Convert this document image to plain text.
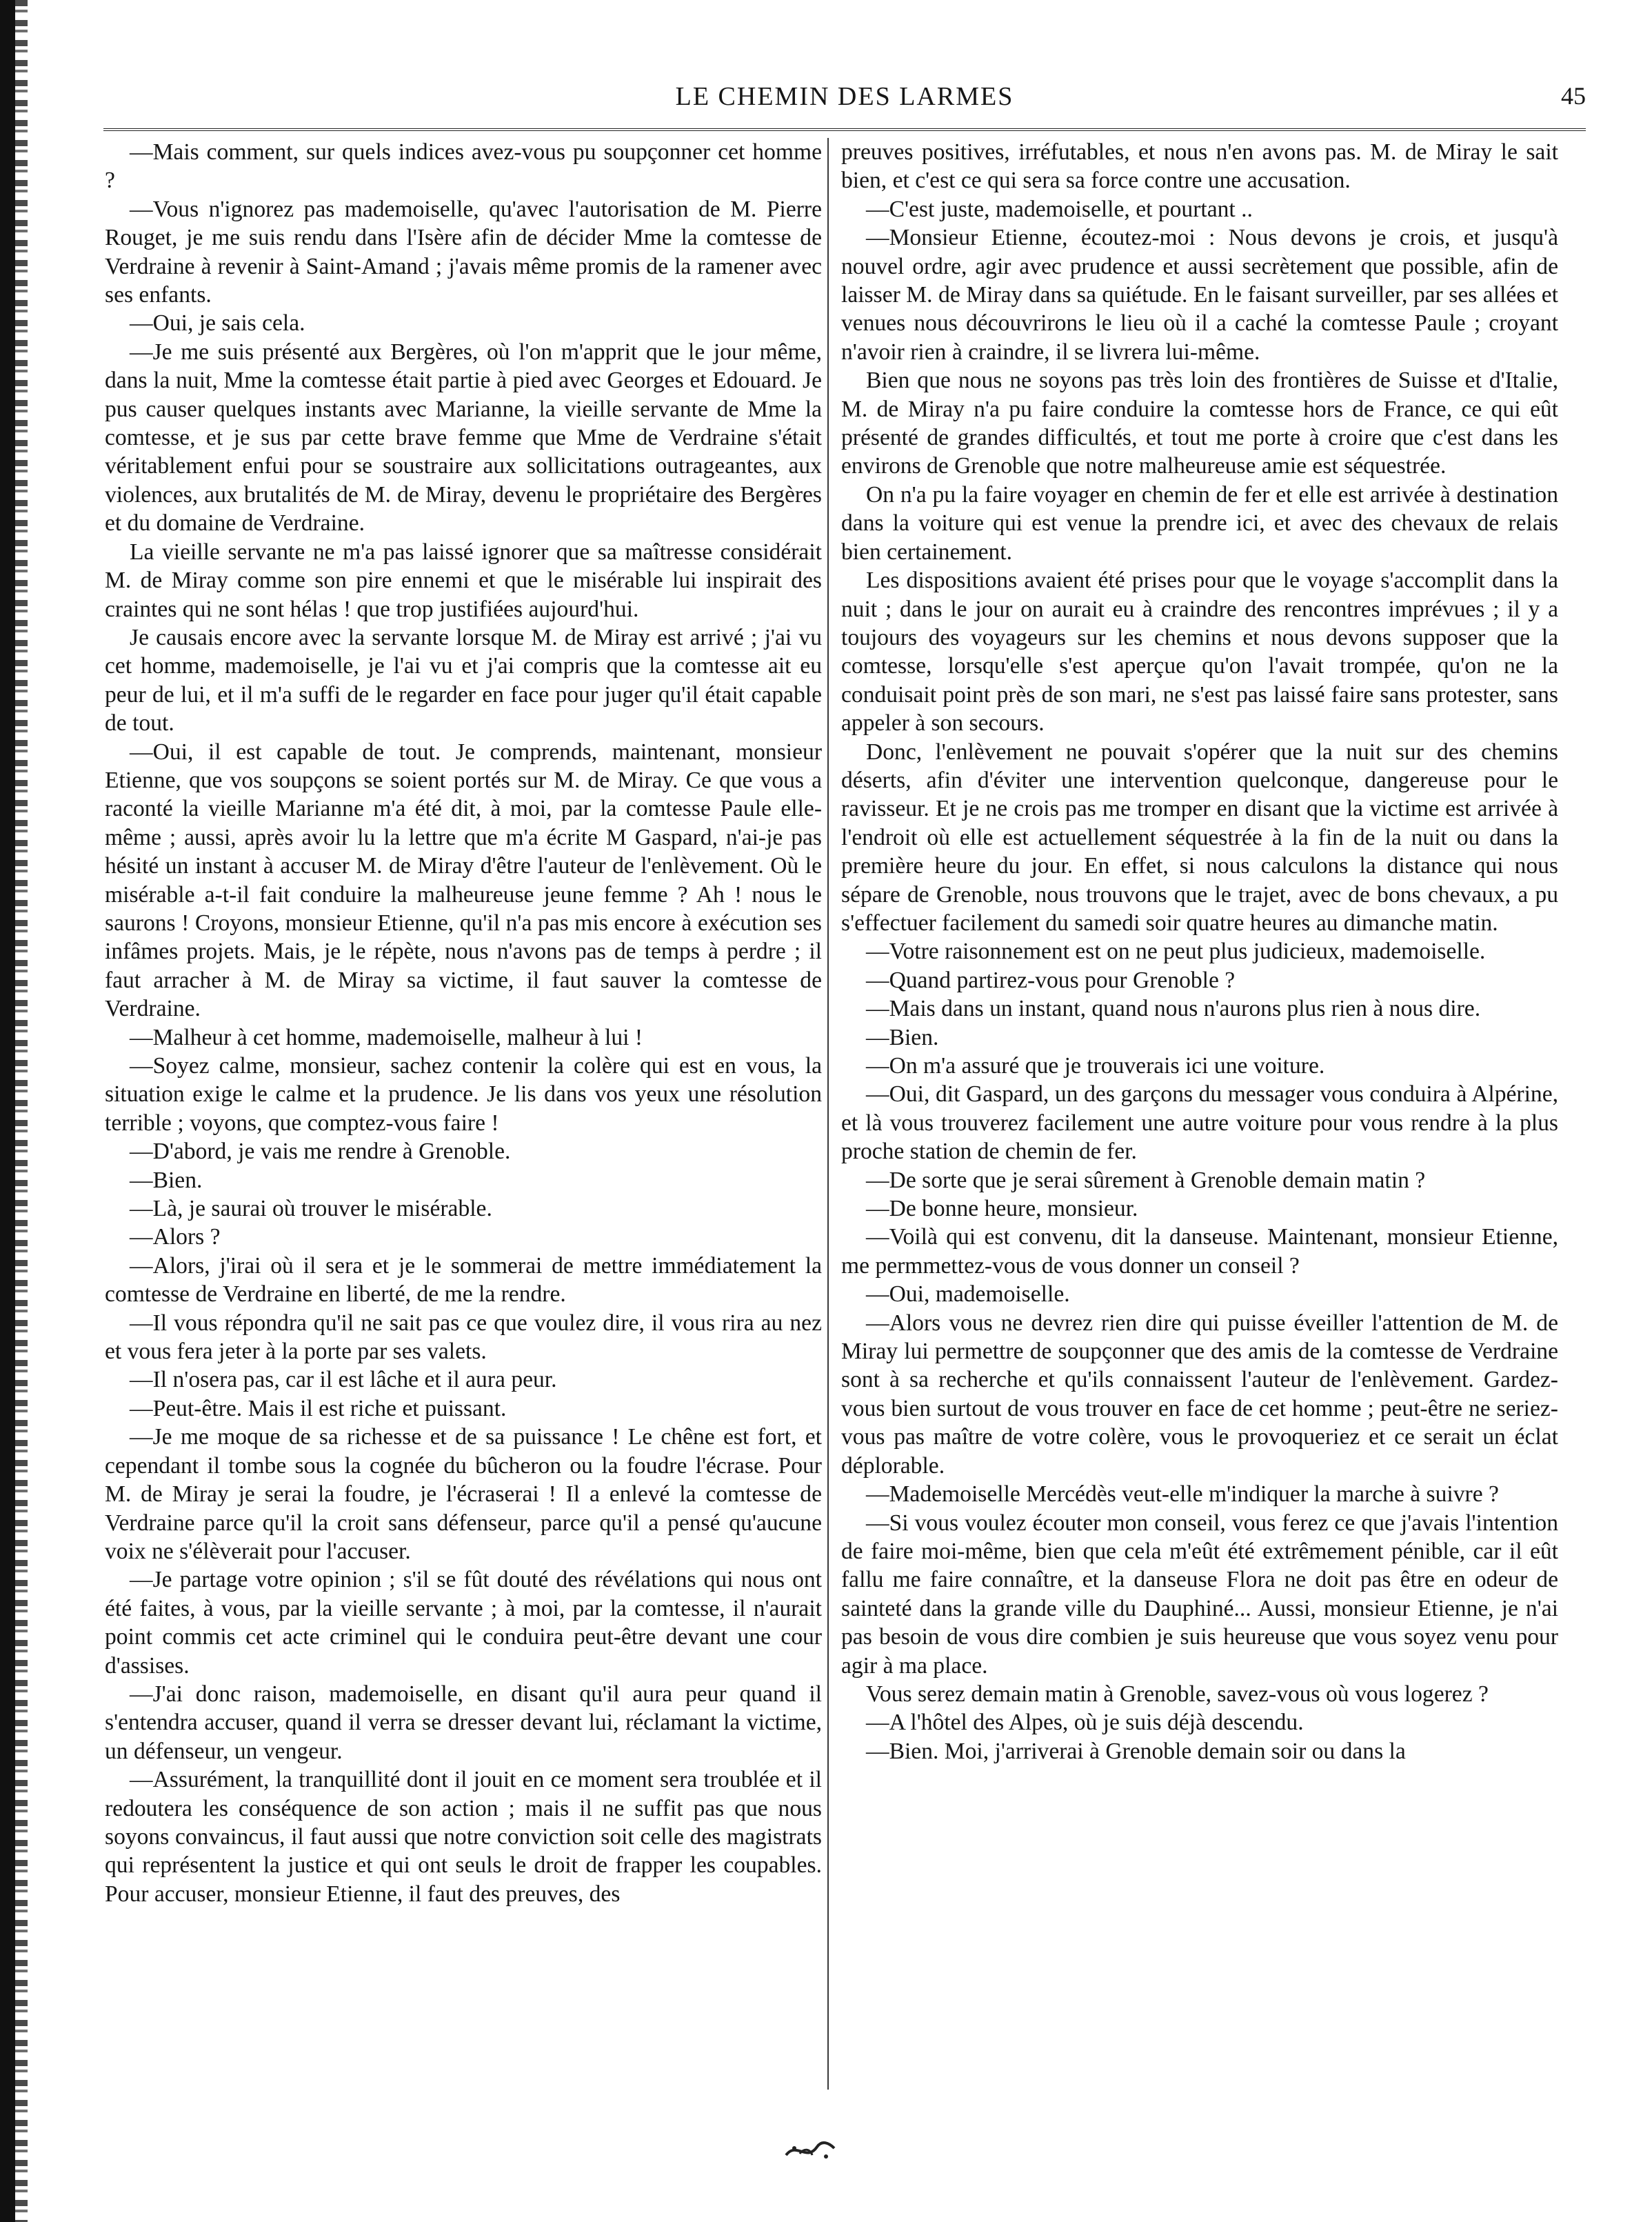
LE CHEMIN DES LARMES	45

—Mais comment, sur quels indices avez-vous pu soupçonner cet homme ?

—Vous n'ignorez pas mademoiselle, qu'avec l'autorisation de M. Pierre Rouget, je me suis rendu dans l'Isère afin de décider Mme la comtesse de Verdraine à revenir à Saint-Amand ; j'avais même promis de la ramener avec ses enfants.

—Oui, je sais cela.

—Je me suis présenté aux Bergères, où l'on m'apprit que le jour même, dans la nuit, Mme la comtesse était partie à pied avec Georges et Edouard. Je pus causer quelques instants avec Marianne, la vieille servante de Mme la comtesse, et je sus par cette brave femme que Mme de Verdraine s'était véritablement enfui pour se soustraire aux sollicitations outrageantes, aux violences, aux brutalités de M. de Miray, devenu le propriétaire des Bergères et du domaine de Verdraine.

La vieille servante ne m'a pas laissé ignorer que sa maîtresse considérait M. de Miray comme son pire ennemi et que le misérable lui inspirait des craintes qui ne sont hélas ! que trop justifiées aujourd'hui.

Je causais encore avec la servante lorsque M. de Miray est arrivé ; j'ai vu cet homme, mademoiselle, je l'ai vu et j'ai compris que la comtesse ait eu peur de lui, et il m'a suffi de le regarder en face pour juger qu'il était capable de tout.

—Oui, il est capable de tout. Je comprends, maintenant, monsieur Etienne, que vos soupçons se soient portés sur M. de Miray. Ce que vous a raconté la vieille Marianne m'a été dit, à moi, par la comtesse Paule elle-même ; aussi, après avoir lu la lettre que m'a écrite M Gaspard, n'ai-je pas hésité un instant à accuser M. de Miray d'être l'auteur de l'enlèvement. Où le misérable a-t-il fait conduire la malheureuse jeune femme ? Ah ! nous le saurons ! Croyons, monsieur Etienne, qu'il n'a pas mis encore à exécution ses infâmes projets. Mais, je le répète, nous n'avons pas de temps à perdre ; il faut arracher à M. de Miray sa victime, il faut sauver la comtesse de Verdraine.

—Malheur à cet homme, mademoiselle, malheur à lui !

—Soyez calme, monsieur, sachez contenir la colère qui est en vous, la situation exige le calme et la prudence. Je lis dans vos yeux une résolution terrible ; voyons, que comptez-vous faire !

—D'abord, je vais me rendre à Grenoble.

—Bien.

—Là, je saurai où trouver le misérable.

—Alors ?

—Alors, j'irai où il sera et je le sommerai de mettre immédiatement la comtesse de Verdraine en liberté, de me la rendre.

—Il vous répondra qu'il ne sait pas ce que voulez dire, il vous rira au nez et vous fera jeter à la porte par ses valets.

—Il n'osera pas, car il est lâche et il aura peur.

—Peut-être. Mais il est riche et puissant.

—Je me moque de sa richesse et de sa puissance ! Le chêne est fort, et cependant il tombe sous la cognée du bûcheron ou la foudre l'écrase. Pour M. de Miray je serai la foudre, je l'écraserai ! Il a enlevé la comtesse de Verdraine parce qu'il la croit sans défenseur, parce qu'il a pensé qu'aucune voix ne s'élèverait pour l'accuser.

—Je partage votre opinion ; s'il se fût douté des révélations qui nous ont été faites, à vous, par la vieille servante ; à moi, par la comtesse, il n'aurait point commis cet acte criminel qui le conduira peut-être devant une cour d'assises.

—J'ai donc raison, mademoiselle, en disant qu'il aura peur quand il s'entendra accuser, quand il verra se dresser devant lui, réclamant la victime, un défenseur, un vengeur.

—Assurément, la tranquillité dont il jouit en ce moment sera troublée et il redoutera les conséquence de son action ; mais il ne suffit pas que nous soyons convaincus, il faut aussi que notre conviction soit celle des magistrats qui représentent la justice et qui ont seuls le droit de frapper les coupables. Pour accuser, monsieur Etienne, il faut des preuves, des

preuves positives, irréfutables, et nous n'en avons pas. M. de Miray le sait bien, et c'est ce qui sera sa force contre une accusation.

—C'est juste, mademoiselle, et pourtant ..

—Monsieur Etienne, écoutez-moi : Nous devons je crois, et jusqu'à nouvel ordre, agir avec prudence et aussi secrètement que possible, afin de laisser M. de Miray dans sa quiétude. En le faisant surveiller, par ses allées et venues nous découvrirons le lieu où il a caché la comtesse Paule ; croyant n'avoir rien à craindre, il se livrera lui-même.

Bien que nous ne soyons pas très loin des frontières de Suisse et d'Italie, M. de Miray n'a pu faire conduire la comtesse hors de France, ce qui eût présenté de grandes difficultés, et tout me porte à croire que c'est dans les environs de Grenoble que notre malheureuse amie est séquestrée.

On n'a pu la faire voyager en chemin de fer et elle est arrivée à destination dans la voiture qui est venue la prendre ici, et avec des chevaux de relais bien certainement.

Les dispositions avaient été prises pour que le voyage s'accomplit dans la nuit ; dans le jour on aurait eu à craindre des rencontres imprévues ; il y a toujours des voyageurs sur les chemins et nous devons supposer que la comtesse, lorsqu'elle s'est aperçue qu'on l'avait trompée, qu'on ne la conduisait point près de son mari, ne s'est pas laissé faire sans protester, sans appeler à son secours.

Donc, l'enlèvement ne pouvait s'opérer que la nuit sur des chemins déserts, afin d'éviter une intervention quelconque, dangereuse pour le ravisseur. Et je ne crois pas me tromper en disant que la victime est arrivée à l'endroit où elle est actuellement séquestrée à la fin de la nuit ou dans la première heure du jour. En effet, si nous calculons la distance qui nous sépare de Grenoble, nous trouvons que le trajet, avec de bons chevaux, a pu s'effectuer facilement du samedi soir quatre heures au dimanche matin.

—Votre raisonnement est on ne peut plus judicieux, mademoiselle.

—Quand partirez-vous pour Grenoble ?

—Mais dans un instant, quand nous n'aurons plus rien à nous dire.

—Bien.

—On m'a assuré que je trouverais ici une voiture.

—Oui, dit Gaspard, un des garçons du messager vous conduira à Alpérine, et là vous trouverez facilement une autre voiture pour vous rendre à la plus proche station de chemin de fer.

—De sorte que je serai sûrement à Grenoble demain matin ?

—De bonne heure, monsieur.

—Voilà qui est convenu, dit la danseuse. Maintenant, monsieur Etienne, me permmettez-vous de vous donner un conseil ?

—Oui, mademoiselle.

—Alors vous ne devrez rien dire qui puisse éveiller l'attention de M. de Miray lui permettre de soupçonner que des amis de la comtesse de Verdraine sont à sa recherche et qu'ils connaissent l'auteur de l'enlèvement. Gardez-vous bien surtout de vous trouver en face de cet homme ; peut-être ne seriez-vous pas maître de votre colère, vous le provoqueriez et ce serait un éclat déplorable.

—Mademoiselle Mercédès veut-elle m'indiquer la marche à suivre ?

—Si vous voulez écouter mon conseil, vous ferez ce que j'avais l'intention de faire moi-même, bien que cela m'eût été extrêmement pénible, car il eût fallu me faire connaître, et la danseuse Flora ne doit pas être en odeur de sainteté dans la grande ville du Dauphiné... Aussi, monsieur Etienne, je n'ai pas besoin de vous dire combien je suis heureuse que vous soyez venu pour agir à ma place.

Vous serez demain matin à Grenoble, savez-vous où vous logerez ?

—A l'hôtel des Alpes, où je suis déjà descendu.

—Bien. Moi, j'arriverai à Grenoble demain soir ou dans la
